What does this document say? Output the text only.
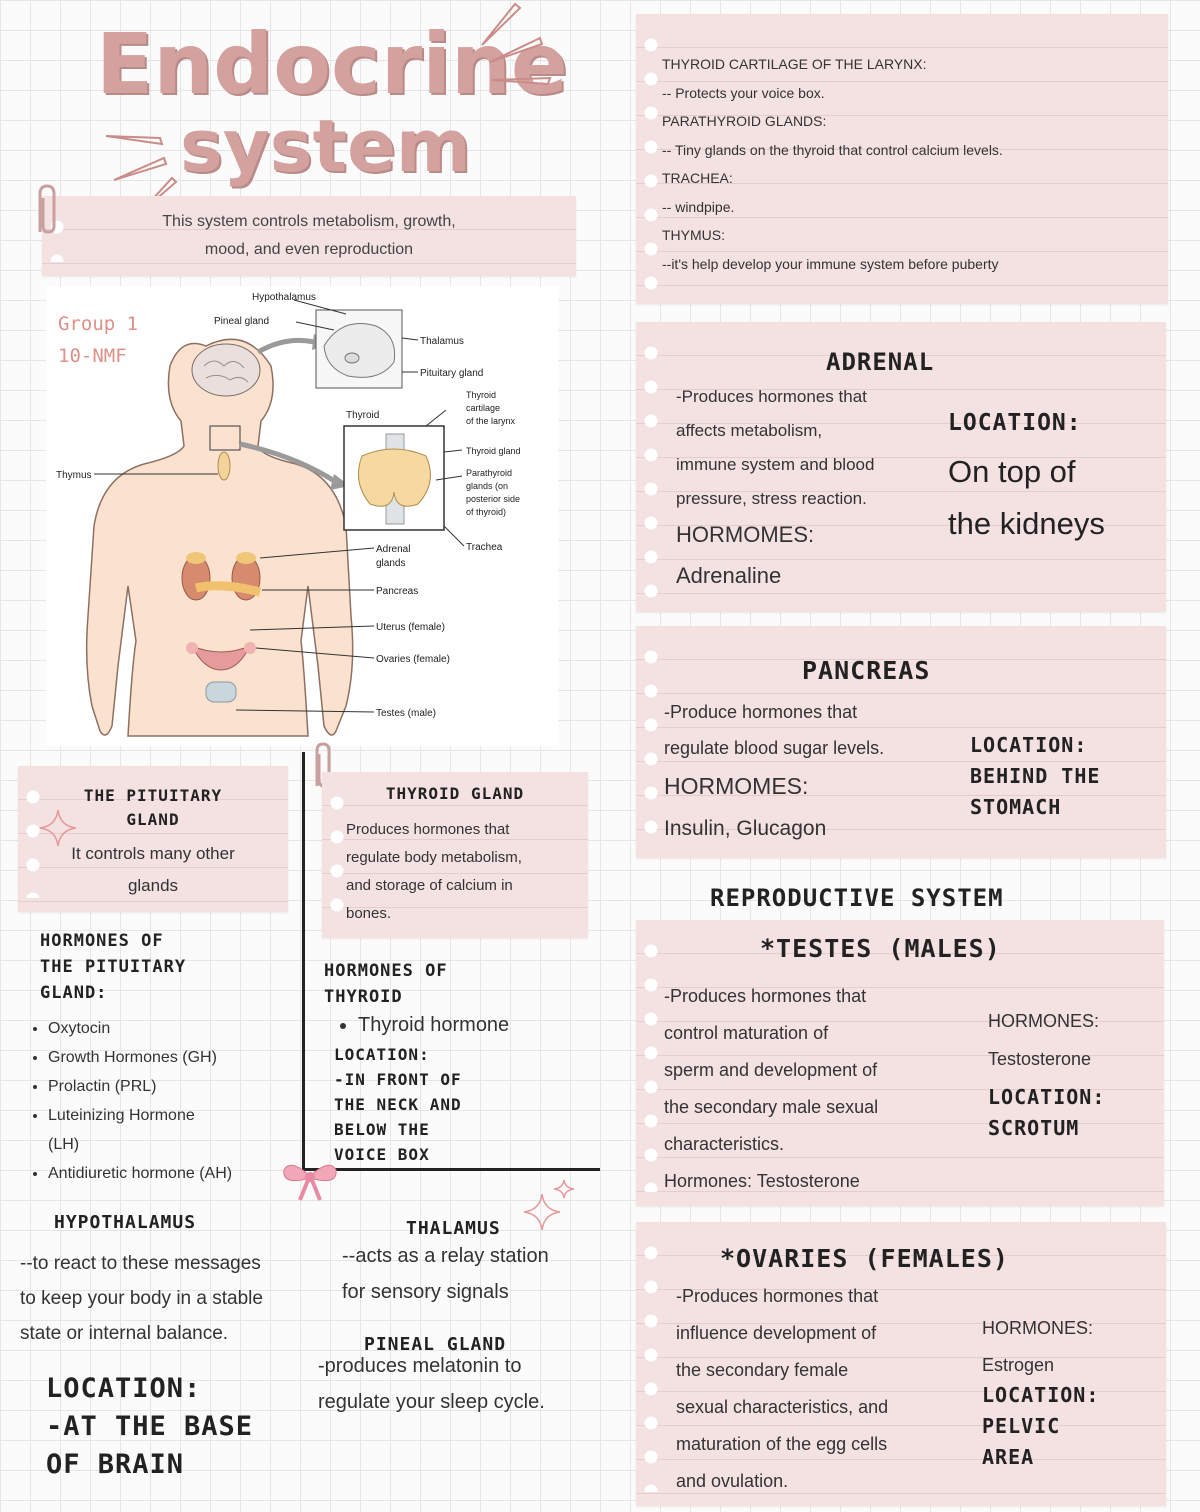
Endocrine
system
This system controls metabolism, growth,
mood, and even reproduction
Group 1
10-NMF
Hypothalamus
Pineal gland
Thalamus
Pituitary gland
Thyroid
Thyroid
cartilage
of the larynx
Thyroid gland
Parathyroid
glands (on
posterior side
of thyroid)
Thymus
Adrenal
glands
Trachea
Pancreas
Uterus (female)
Ovaries (female)
Testes (male)
THE PITUITARY
GLAND
It controls many other
glands
HORMONES OF
THE PITUITARY
GLAND:
• Oxytocin
• Growth Hormones (GH)
• Prolactin (PRL)
• Luteinizing Hormone
(LH)
• Antidiuretic hormone (AH)
THYROID GLAND
Produces hormones that
regulate body metabolism,
and storage of calcium in
bones.
HORMONES OF
THYROID
• Thyroid hormone
LOCATION:
-IN FRONT OF
THE NECK AND
BELOW THE
VOICE BOX
HYPOTHALAMUS
--to react to these messages
to keep your body in a stable
state or internal balance.
LOCATION:
-AT THE BASE
OF BRAIN
THALAMUS
--acts as a relay station
for sensory signals
PINEAL GLAND
-produces melatonin to
regulate your sleep cycle.
THYROID CARTILAGE OF THE LARYNX:
-- Protects your voice box.
PARATHYROID GLANDS:
-- Tiny glands on the thyroid that control calcium levels.
TRACHEA:
-- windpipe.
THYMUS:
--it's help develop your immune system before puberty
ADRENAL
-Produces hormones that
affects metabolism,
immune system and blood
pressure, stress reaction.
HORMOMES:
Adrenaline
LOCATION:
On top of
the kidneys
PANCREAS
-Produce hormones that
regulate blood sugar levels.
HORMOMES:
Insulin, Glucagon
LOCATION:
BEHIND THE
STOMACH
REPRODUCTIVE SYSTEM
*TESTES (MALES)
-Produces hormones that
control maturation of
sperm and development of
the secondary male sexual
characteristics.
Hormones: Testosterone
HORMONES:
Testosterone
LOCATION:
SCROTUM
*OVARIES (FEMALES)
-Produces hormones that
influence development of
the secondary female
sexual characteristics, and
maturation of the egg cells
and ovulation.
HORMONES:
Estrogen
LOCATION:
PELVIC
AREA
